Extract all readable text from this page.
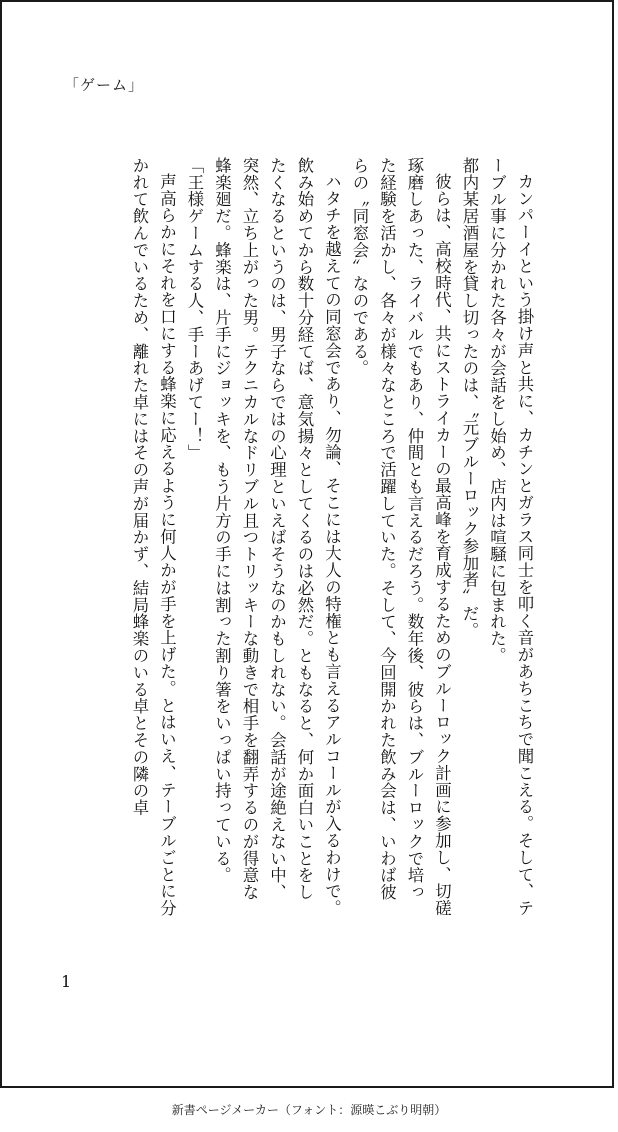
「ゲーム」

カンパーイという掛け声と共に、カチンとガラス同士を叩く音があちこちで聞こえる。そして、テーブル事に分かれた各々が会話をし始め、店内は喧騒に包まれた。

都内某居酒屋を貸し切ったのは、〝元ブルーロック参加者〟だ。

彼らは、高校時代、共にストライカーの最高峰を育成するためのブルーロック計画に参加し、切磋琢磨しあった、ライバルでもあり、仲間とも言えるだろう。数年後、彼らは、ブルーロックで培った経験を活かし、各々が様々なところで活躍していた。そして、今回開かれた飲み会は、いわば彼らの〝同窓会〟なのである。

ハタチを越えての同窓会であり、勿論、そこには大人の特権とも言えるアルコールが入るわけで。飲み始めてから数十分経てば、意気揚々としてくるのは必然だ。ともなると、何か面白いことをしたくなるというのは、男子ならではの心理といえばそうなのかもしれない。会話が途絶えない中、突然、立ち上がった男。テクニカルなドリブル且つトリッキーな動きで相手を翻弄するのが得意な蜂楽廻だ。蜂楽は、片手にジョッキを、もう片方の手には割った割り箸をいっぱい持っている。

「王様ゲームする人、手ーあげてー！」

声高らかにそれを口にする蜂楽に応えるように何人かが手を上げた。とはいえ、テーブルごとに分かれて飲んでいるため、離れた卓にはその声が届かず、結局蜂楽のいる卓とその隣の卓

1
新書ページメーカー（フォント：源暎こぶり明朝）
